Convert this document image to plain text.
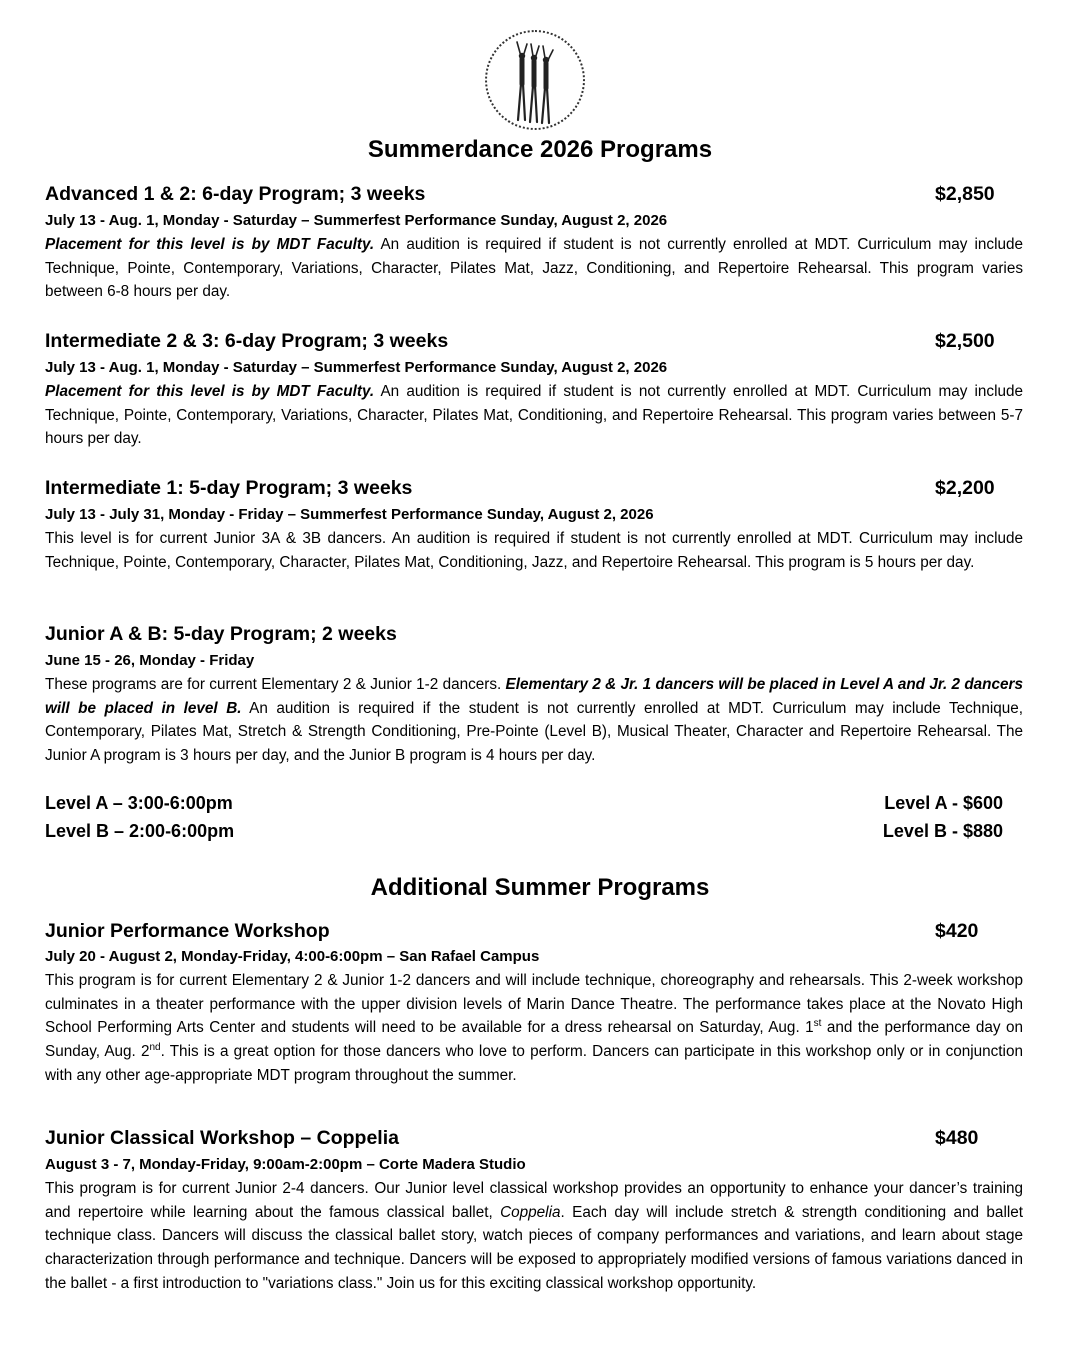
Summerdance 2026 Programs
Advanced 1 & 2: 6-day Program; 3 weeks	$2,850
July 13 - Aug. 1, Monday - Saturday – Summerfest Performance Sunday, August 2, 2026

Placement for this level is by MDT Faculty. An audition is required if student is not currently enrolled at MDT. Curriculum may include Technique, Pointe, Contemporary, Variations, Character, Pilates Mat, Jazz, Conditioning, and Repertoire Rehearsal. This program varies between 6-8 hours per day.

Intermediate 2 & 3: 6-day Program; 3 weeks	$2,500
July 13 - Aug. 1, Monday - Saturday – Summerfest Performance Sunday, August 2, 2026

Placement for this level is by MDT Faculty. An audition is required if student is not currently enrolled at MDT. Curriculum may include Technique, Pointe, Contemporary, Variations, Character, Pilates Mat, Conditioning, and Repertoire Rehearsal. This program varies between 5-7 hours per day.

Intermediate 1: 5-day Program; 3 weeks	$2,200
July 13 - July 31, Monday - Friday – Summerfest Performance Sunday, August 2, 2026

This level is for current Junior 3A & 3B dancers. An audition is required if student is not currently enrolled at MDT. Curriculum may include Technique, Pointe, Contemporary, Character, Pilates Mat, Conditioning, Jazz, and Repertoire Rehearsal. This program is 5 hours per day.

Junior A & B: 5-day Program; 2 weeks
June 15 - 26, Monday - Friday

These programs are for current Elementary 2 & Junior 1-2 dancers. Elementary 2 & Jr. 1 dancers will be placed in Level A and Jr. 2 dancers will be placed in level B. An audition is required if the student is not currently enrolled at MDT. Curriculum may include Technique, Contemporary, Pilates Mat, Stretch & Strength Conditioning, Pre-Pointe (Level B), Musical Theater, Character and Repertoire Rehearsal. The Junior A program is 3 hours per day, and the Junior B program is 4 hours per day.

Level A – 3:00-6:00pm	Level A - $600
Level B – 2:00-6:00pm	Level B - $880
Additional Summer Programs
Junior Performance Workshop	$420
July 20 - August 2, Monday-Friday, 4:00-6:00pm – San Rafael Campus

This program is for current Elementary 2 & Junior 1-2 dancers and will include technique, choreography and rehearsals. This 2-week workshop culminates in a theater performance with the upper division levels of Marin Dance Theatre. The performance takes place at the Novato High School Performing Arts Center and students will need to be available for a dress rehearsal on Saturday, Aug. 1st and the performance day on Sunday, Aug. 2nd. This is a great option for those dancers who love to perform. Dancers can participate in this workshop only or in conjunction with any other age-appropriate MDT program throughout the summer.

Junior Classical Workshop – Coppelia	$480
August 3 - 7, Monday-Friday, 9:00am-2:00pm – Corte Madera Studio

This program is for current Junior 2-4 dancers. Our Junior level classical workshop provides an opportunity to enhance your dancer’s training and repertoire while learning about the famous classical ballet, Coppelia. Each day will include stretch & strength conditioning and ballet technique class. Dancers will discuss the classical ballet story, watch pieces of company performances and variations, and learn about stage characterization through performance and technique. Dancers will be exposed to appropriately modified versions of famous variations danced in the ballet - a first introduction to "variations class." Join us for this exciting classical workshop opportunity.
